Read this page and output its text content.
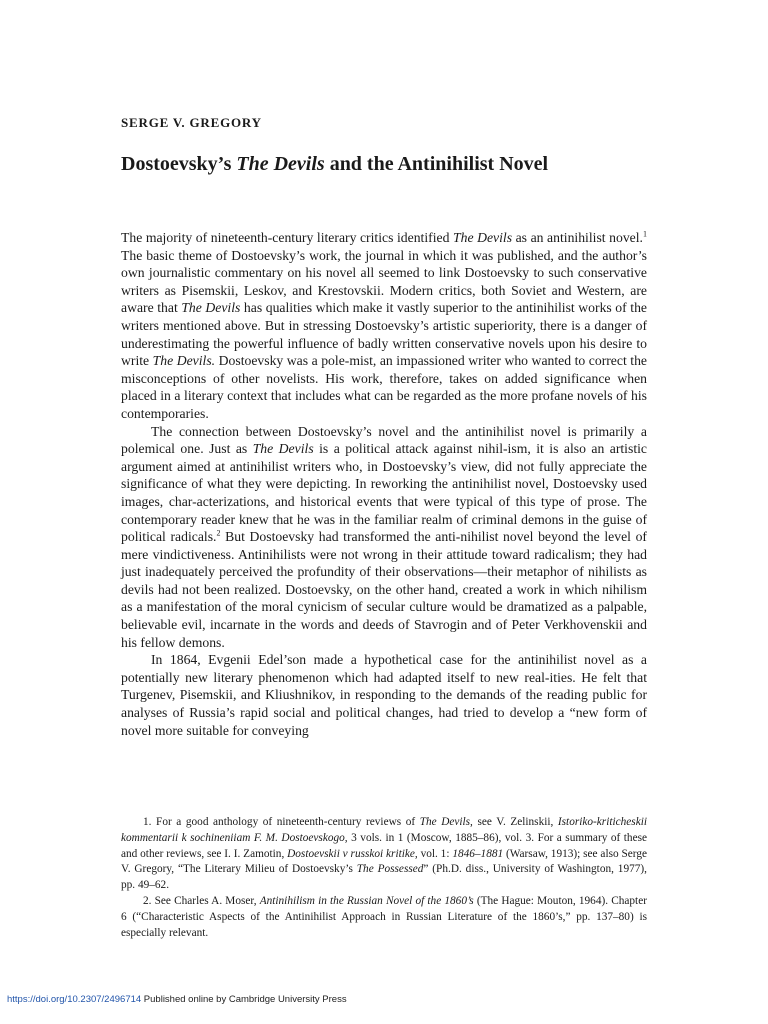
SERGE V. GREGORY
Dostoevsky’s The Devils and the Antinihilist Novel

The majority of nineteenth-century literary critics identified The Devils as an antinihilist novel.$^1$ The basic theme of Dostoevsky’s work, the journal in which it was published, and the author’s own journalistic commentary on his novel all seemed to link Dostoevsky to such conservative writers as Pisemskii, Leskov, and Krestovskii. Modern critics, both Soviet and Western, are aware that The Devils has qualities which make it vastly superior to the antinihilist works of the writers mentioned above. But in stressing Dostoevsky’s artistic superiority, there is a danger of underestimating the powerful influence of badly written conservative novels upon his desire to write The Devils. Dostoevsky was a pole-mist, an impassioned writer who wanted to correct the misconceptions of other novelists. His work, therefore, takes on added significance when placed in a literary context that includes what can be regarded as the more profane novels of his contemporaries.

The connection between Dostoevsky’s novel and the antinihilist novel is primarily a polemical one. Just as The Devils is a political attack against nihil-ism, it is also an artistic argument aimed at antinihilist writers who, in Dostoevsky’s view, did not fully appreciate the significance of what they were depicting. In reworking the antinihilist novel, Dostoevsky used images, char-acterizations, and historical events that were typical of this type of prose. The contemporary reader knew that he was in the familiar realm of criminal demons in the guise of political radicals.$^2$ But Dostoevsky had transformed the anti-nihilist novel beyond the level of mere vindictiveness. Antinihilists were not wrong in their attitude toward radicalism; they had just inadequately perceived the profundity of their observations—their metaphor of nihilists as devils had not been realized. Dostoevsky, on the other hand, created a work in which nihilism as a manifestation of the moral cynicism of secular culture would be dramatized as a palpable, believable evil, incarnate in the words and deeds of Stavrogin and of Peter Verkhovenskii and his fellow demons.

In 1864, Evgenii Edel’son made a hypothetical case for the antinihilist novel as a potentially new literary phenomenon which had adapted itself to new real-ities. He felt that Turgenev, Pisemskii, and Kliushnikov, in responding to the demands of the reading public for analyses of Russia’s rapid social and political changes, had tried to develop a “new form of novel more suitable for conveying

1. For a good anthology of nineteenth-century reviews of The Devils, see V. Zelinskii, Istoriko-kriticheskii kommentarii k sochineniiam F. M. Dostoevskogo, 3 vols. in 1 (Moscow, 1885–86), vol. 3. For a summary of these and other reviews, see I. I. Zamotin, Dostoevskii v russkoi kritike, vol. 1: 1846–1881 (Warsaw, 1913); see also Serge V. Gregory, “The Literary Milieu of Dostoevsky’s The Possessed” (Ph.D. diss., University of Washington, 1977), pp. 49–62.

2. See Charles A. Moser, Antinihilism in the Russian Novel of the 1860’s (The Hague: Mouton, 1964). Chapter 6 (“Characteristic Aspects of the Antinihilist Approach in Russian Literature of the 1860’s,” pp. 137–80) is especially relevant.

https://doi.org/10.2307/2496714 Published online by Cambridge University Press
